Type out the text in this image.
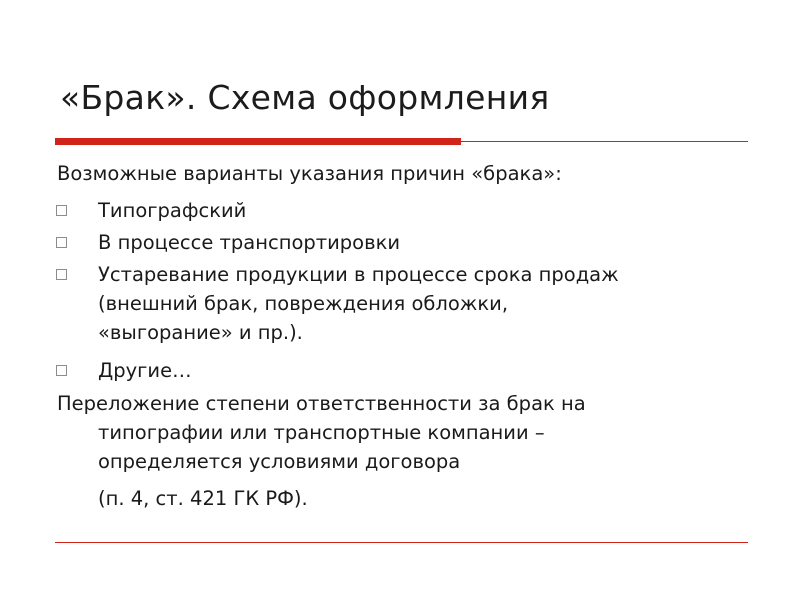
«Брак». Схема оформления
Возможные варианты указания причин «брака»:
Типографский
В процессе транспортировки
Устаревание продукции в процессе срока продаж
(внешний брак, повреждения обложки,
«выгорание» и пр.).
Другие…
Переложение степени ответственности за брак на
типографии или транспортные компании –
определяется условиями договора
(п. 4, ст. 421 ГК РФ).
